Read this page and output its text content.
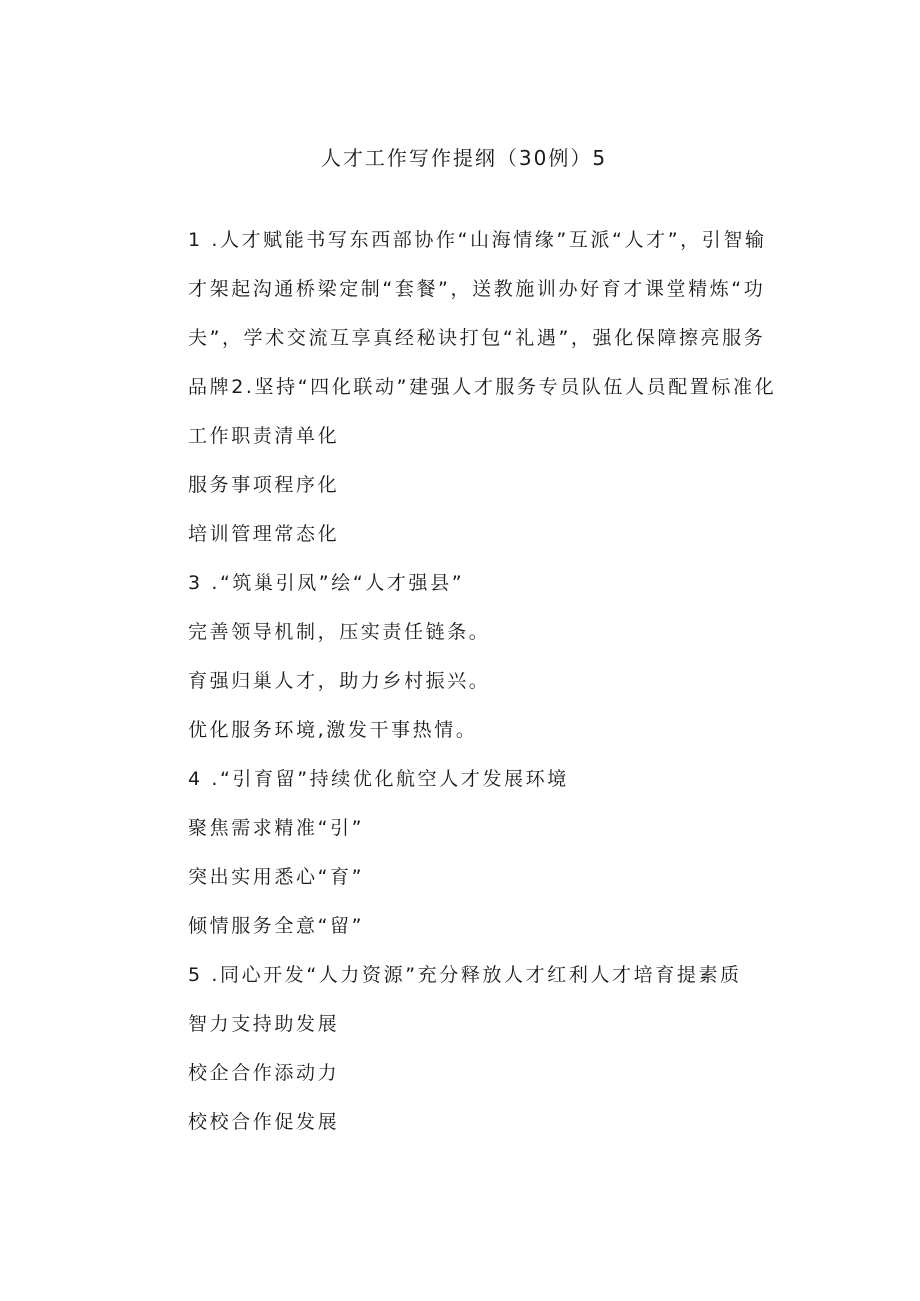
人才工作写作提纲（30例）5

1 .人才赋能书写东西部协作“山海情缘”互派“人才”，引智输才架起沟通桥梁定制“套餐”，送教施训办好育才课堂精炼“功夫”，学术交流互享真经秘诀打包“礼遇”，强化保障擦亮服务品牌2.坚持“四化联动”建强人才服务专员队伍人员配置标准化

工作职责清单化

服务事项程序化

培训管理常态化

3 .“筑巢引凤”绘“人才强县”

完善领导机制，压实责任链条。

育强归巢人才，助力乡村振兴。

优化服务环境,激发干事热情。

4 .“引育留”持续优化航空人才发展环境

聚焦需求精准“引”

突出实用悉心“育”

倾情服务全意“留”

5 .同心开发“人力资源”充分释放人才红利人才培育提素质

智力支持助发展

校企合作添动力

校校合作促发展
